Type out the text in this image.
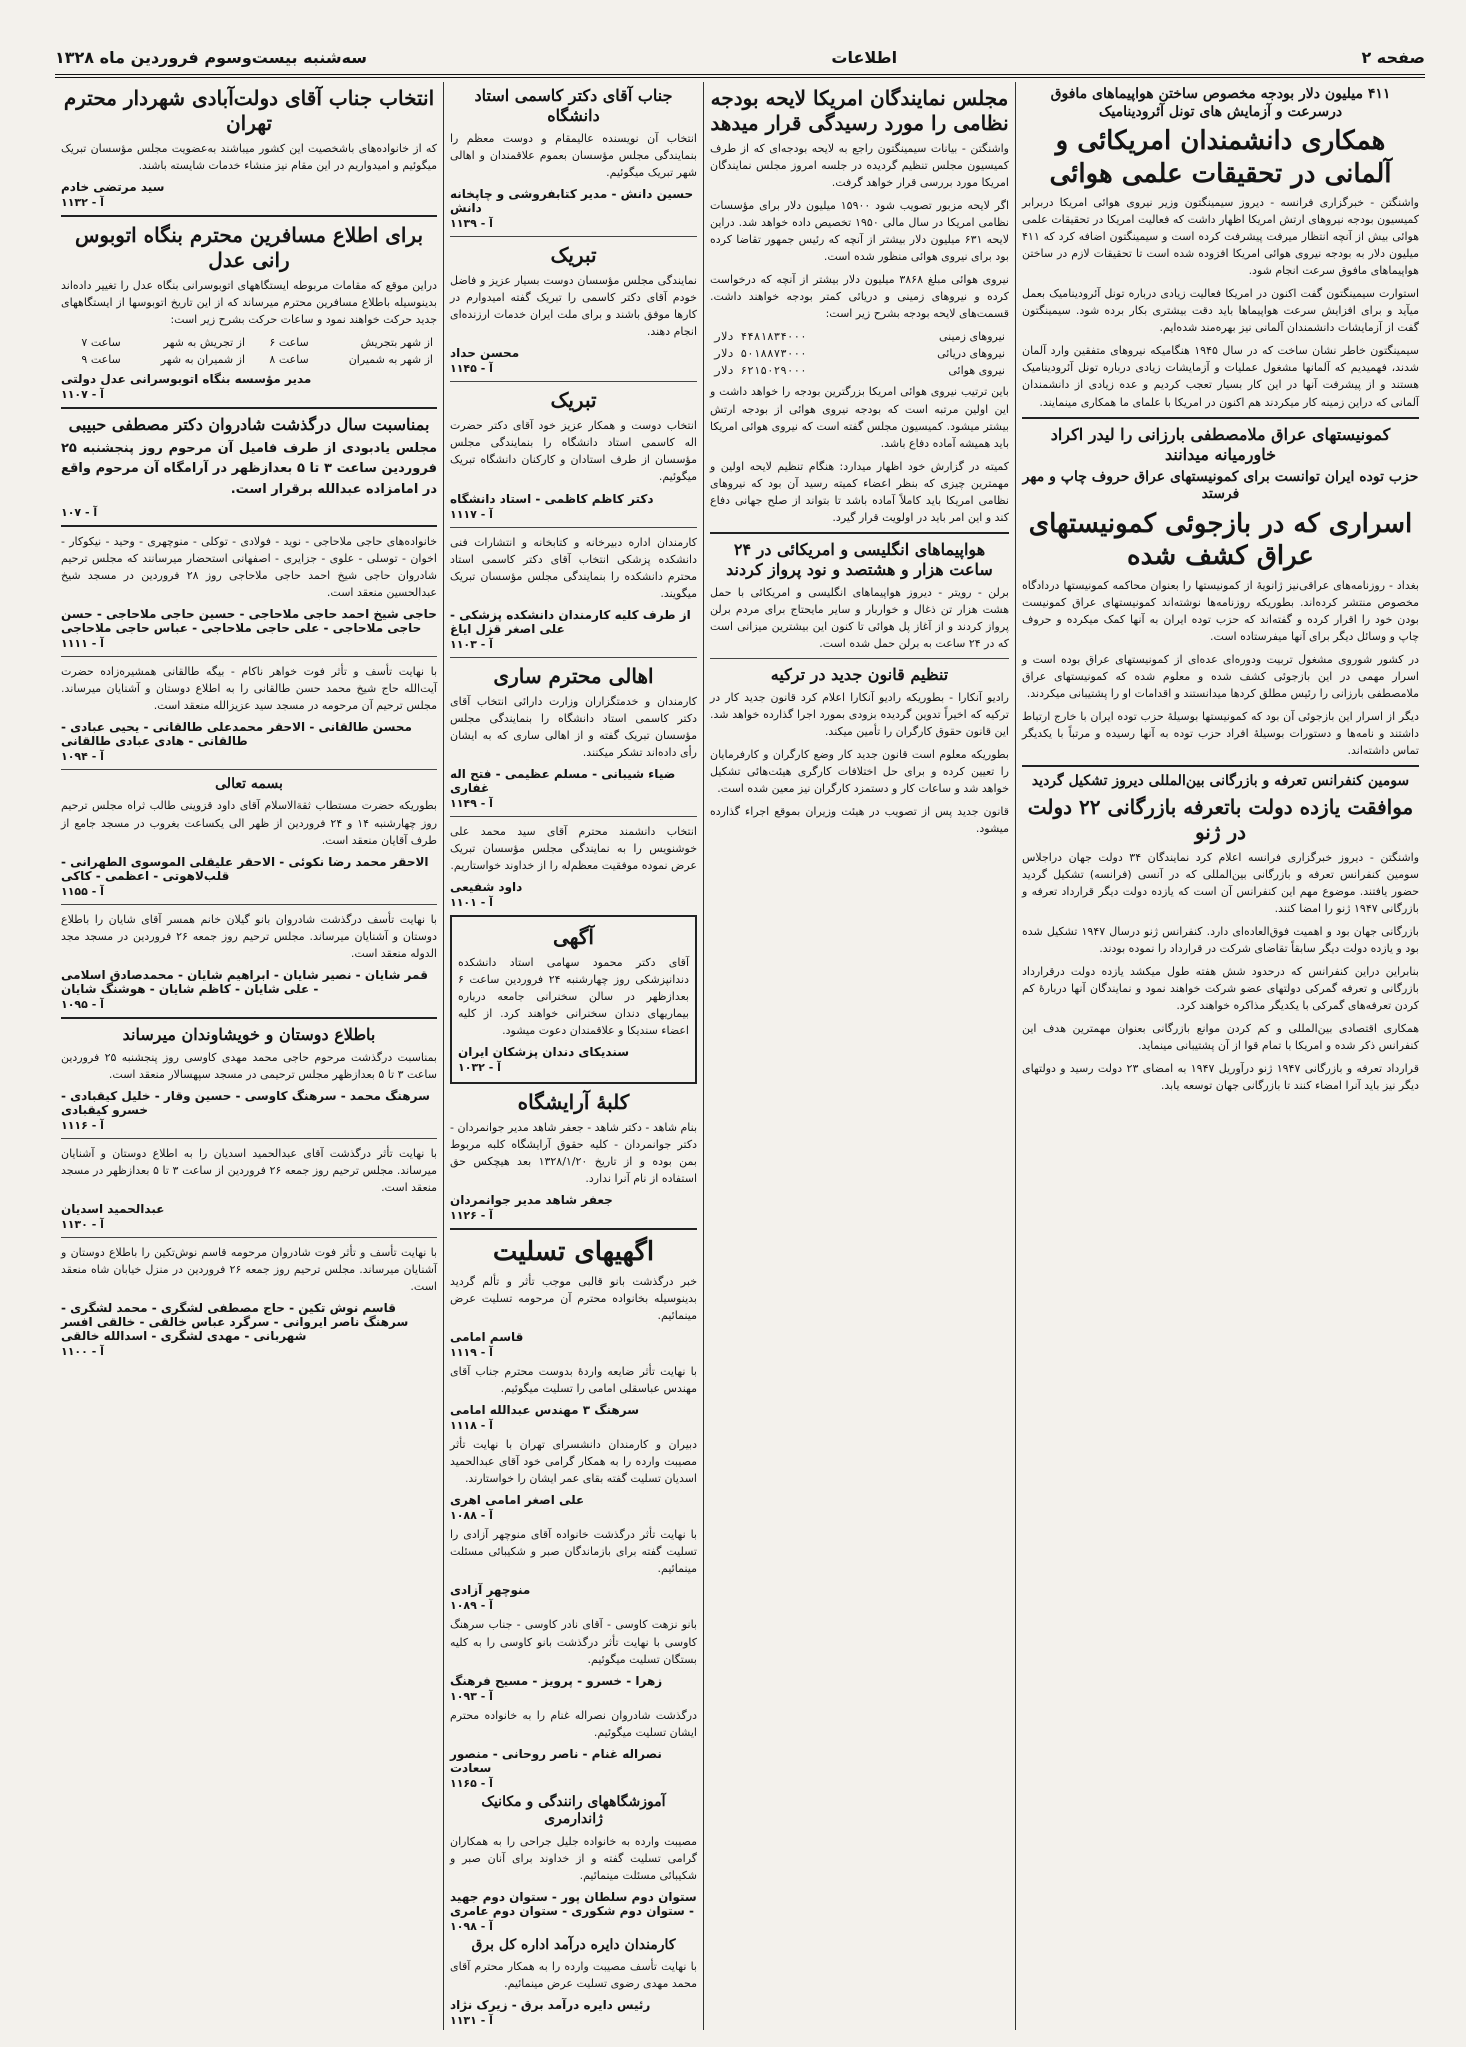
صفحه ۲
اطلاعات
سه‌شنبه بیست‌وسوم فروردین ماه ۱۳۲۸
۴۱۱ میلیون دلار بودجه مخصوص ساختن هواپیماهای مافوق درسرعت و آزمایش های تونل آئرودینامیک
همکاری دانشمندان امریکائی و آلمانی در تحقیقات علمی هوائی

واشنگتن - خبرگزاری فرانسه - دیروز سیمینگتون وزیر نیروی هوائی امریکا دربرابر کمیسیون بودجه نیروهای ارتش امریکا اظهار داشت که فعالیت امریکا در تحقیقات علمی هوائی بیش از آنچه انتظار میرفت پیشرفت کرده است و سیمینگتون اضافه کرد که ۴۱۱ میلیون دلار به بودجه نیروی هوائی امریکا افزوده شده است تا تحقیقات لازم در ساختن هواپیماهای مافوق سرعت انجام شود.

استوارت سیمینگتون گفت اکنون در امریکا فعالیت زیادی درباره تونل آئرودینامیک بعمل میآید و برای افزایش سرعت هواپیماها باید دقت بیشتری بکار برده شود. سیمینگتون گفت از آزمایشات دانشمندان آلمانی نیز بهره‌مند شده‌ایم.

سیمینگتون خاطر نشان ساخت که در سال ۱۹۴۵ هنگامیکه نیروهای متفقین وارد آلمان شدند، فهمیدیم که آلمانها مشغول عملیات و آزمایشات زیادی درباره تونل آئرودینامیک هستند و از پیشرفت آنها در این کار بسیار تعجب کردیم و عده زیادی از دانشمندان آلمانی که دراین زمینه کار میکردند هم اکنون در امریکا با علمای ما همکاری مینمایند.

کمونیستهای عراق ملامصطفی بارزانی را لیدر اکراد خاورمیانه میدانند
حزب توده ایران توانست برای کمونیستهای عراق حروف چاپ و مهر فرستد
اسراری که در بازجوئی کمونیستهای عراق کشف شده

بغداد - روزنامه‌های عراقی‌نیز ژانویۀ از کمونیستها را بعنوان محاکمه کمونیستها دردادگاه مخصوص منتشر کرده‌اند. بطوریکه روزنامه‌ها نوشته‌اند کمونیستهای عراق کمونیست بودن خود را اقرار کرده و گفته‌اند که حزب توده ایران به آنها کمک میکرده و حروف چاپ و وسائل دیگر برای آنها میفرستاده است.

در کشور شوروی مشغول تربیت ودوره‌ای عده‌ای از کمونیستهای عراق بوده است و اسرار مهمی در این بازجوئی کشف شده و معلوم شده که کمونیستهای عراق ملامصطفی بارزانی را رئیس مطلق کردها میدانستند و اقدامات او را پشتیبانی میکردند.

دیگر از اسرار این بازجوئی آن بود که کمونیستها بوسیلۀ حزب توده ایران با خارج ارتباط داشتند و نامه‌ها و دستورات بوسیلۀ افراد حزب توده به آنها رسیده و مرتباً با یکدیگر تماس داشته‌اند.

سومین کنفرانس تعرفه و بازرگانی بین‌المللی دیروز تشکیل گردید
موافقت یازده دولت باتعرفه بازرگانی ۲۲ دولت در ژنو

واشنگتن - دیروز خبرگزاری فرانسه اعلام کرد نمایندگان ۳۴ دولت جهان دراجلاس سومین کنفرانس تعرفه و بازرگانی بین‌المللی که در آنسی (فرانسه) تشکیل گردید حضور یافتند. موضوع مهم این کنفرانس آن است که یازده دولت دیگر قرارداد تعرفه و بازرگانی ۱۹۴۷ ژنو را امضا کنند.

بازرگانی جهان بود و اهمیت فوق‌العاده‌ای دارد. کنفرانس ژنو درسال ۱۹۴۷ تشکیل شده بود و یازده دولت دیگر سابقاً تقاضای شرکت در قرارداد را نموده بودند.

بنابراین دراین کنفرانس که درحدود شش هفته طول میکشد یازده دولت درقرارداد بازرگانی و تعرفه گمرکی دولتهای عضو شرکت خواهند نمود و نمایندگان آنها دربارۀ کم کردن تعرفه‌های گمرکی با یکدیگر مذاکره خواهند کرد.

همکاری اقتصادی بین‌المللی و کم کردن موانع بازرگانی بعنوان مهمترین هدف این کنفرانس ذکر شده و امریکا با تمام قوا از آن پشتیبانی مینماید.

قرارداد تعرفه و بازرگانی ۱۹۴۷ ژنو درآوریل ۱۹۴۷ به امضای ۲۳ دولت رسید و دولتهای دیگر نیز باید آنرا امضاء کنند تا بازرگانی جهان توسعه یابد.

مجلس نمایندگان امریکا لایحه بودجه نظامی را مورد رسیدگی قرار میدهد

واشنگتن - بیانات سیمینگتون راجع به لایحه بودجه‌ای که از طرف کمیسیون مجلس تنظیم گردیده در جلسه امروز مجلس نمایندگان امریکا مورد بررسی قرار خواهد گرفت.

اگر لایحه مزبور تصویب شود ۱۵۹۰۰ میلیون دلار برای مؤسسات نظامی امریکا در سال مالی ۱۹۵۰ تخصیص داده خواهد شد. دراین لایحه ۶۳۱ میلیون دلار بیشتر از آنچه که رئیس جمهور تقاضا کرده بود برای نیروی هوائی منظور شده است.

نیروی هوائی مبلغ ۳۸۶۸ میلیون دلار بیشتر از آنچه که درخواست کرده و نیروهای زمینی و دریائی کمتر بودجه خواهند داشت. قسمت‌های لایحه بودجه بشرح زیر است:

نیروهای زمینی	۴۴۸۱۸۳۴۰۰۰ دلار
نیروهای دریائی	۵۰۱۸۸۷۳۰۰۰ دلار
نیروی هوائی	۶۲۱۵۰۲۹۰۰۰ دلار

باین ترتیب نیروی هوائی امریکا بزرگترین بودجه را خواهد داشت و این اولین مرتبه است که بودجه نیروی هوائی از بودجه ارتش بیشتر میشود. کمیسیون مجلس گفته است که نیروی هوائی امریکا باید همیشه آماده دفاع باشد.

کمیته در گزارش خود اظهار میدارد: هنگام تنظیم لایحه اولین و مهمترین چیزی که بنظر اعضاء کمیته رسید آن بود که نیروهای نظامی امریکا باید کاملاً آماده باشد تا بتواند از صلح جهانی دفاع کند و این امر باید در اولویت قرار گیرد.

هواپیماهای انگلیسی و امریکائی در ۲۴ ساعت هزار و هشتصد و نود پرواز کردند

برلن - رویتر - دیروز هواپیماهای انگلیسی و امریکائی با حمل هشت هزار تن ذغال و خواربار و سایر مایحتاج برای مردم برلن پرواز کردند و از آغاز پل هوائی تا کنون این بیشترین میزانی است که در ۲۴ ساعت به برلن حمل شده است.

تنظیم قانون جدید در ترکیه

رادیو آنکارا - بطوریکه رادیو آنکارا اعلام کرد قانون جدید کار در ترکیه که اخیراً تدوین گردیده بزودی بمورد اجرا گذارده خواهد شد. این قانون حقوق کارگران را تأمین میکند.

بطوریکه معلوم است قانون جدید کار وضع کارگران و کارفرمایان را تعیین کرده و برای حل اختلافات کارگری هیئت‌هائی تشکیل خواهد شد و ساعات کار و دستمزد کارگران نیز معین شده است.

قانون جدید پس از تصویب در هیئت وزیران بموقع اجراء گذارده میشود.

جناب آقای دکتر کاسمی استاد دانشگاه

انتخاب آن نویسنده عالیمقام و دوست معظم را بنمایندگی مجلس مؤسسان بعموم علاقمندان و اهالی شهر تبریک میگوئیم.

حسین دانش - مدیر کتابفروشی و چاپخانه دانش
آ - ۱۱۳۹
تبریک

نمایندگی مجلس مؤسسان دوست بسیار عزیز و فاضل خودم آقای دکتر کاسمی را تبریک گفته امیدوارم در کارها موفق باشند و برای ملت ایران خدمات ارزنده‌ای انجام دهند.

محسن حداد
آ - ۱۱۴۵
تبریک

انتخاب دوست و همکار عزیز خود آقای دکتر حضرت اله کاسمی استاد دانشگاه را بنمایندگی مجلس مؤسسان از طرف استادان و کارکنان دانشگاه تبریک میگوئیم.

دکتر کاظم کاظمی - استاد دانشگاه
آ - ۱۱۱۷

کارمندان اداره دبیرخانه و کتابخانه و انتشارات فنی دانشکده پزشکی انتخاب آقای دکتر کاسمی استاد محترم دانشکده را بنمایندگی مجلس مؤسسان تبریک میگویند.

از طرف کلیه کارمندان دانشکده پزشکی - علی اصغر قزل ایاغ
آ - ۱۱۰۳
اهالی محترم ساری

کارمندان و خدمتگزاران وزارت دارائی انتخاب آقای دکتر کاسمی استاد دانشگاه را بنمایندگی مجلس مؤسسان تبریک گفته و از اهالی ساری که به ایشان رأی داده‌اند تشکر میکنند.

ضیاء شیبانی - مسلم عظیمی - فتح اله غفاری
آ - ۱۱۴۹

انتخاب دانشمند محترم آقای سید محمد علی خوشنویس را به نمایندگی مجلس مؤسسان تبریک عرض نموده موفقیت معظم‌له را از خداوند خواستاریم.

داود شفیعی
آ - ۱۱۰۱
آگهی

آقای دکتر محمود سهامی استاد دانشکده دندانپزشکی روز چهارشنبه ۲۴ فروردین ساعت ۶ بعدازظهر در سالن سخنرانی جامعه درباره بیماریهای دندان سخنرانی خواهند کرد. از کلیه اعضاء سندیکا و علاقمندان دعوت میشود.

سندیکای دندان پزشکان ایران
آ - ۱۰۳۲
کلبۀ آرایشگاه

بنام شاهد - دکتر شاهد - جعفر شاهد مدیر جوانمردان - دکتر جوانمردان - کلیه حقوق آرایشگاه کلبه مربوط بمن بوده و از تاریخ ۱۳۲۸/۱/۲۰ بعد هیچکس حق استفاده از نام آنرا ندارد.

جعفر شاهد مدیر جوانمردان
آ - ۱۱۲۶
اگهیهای تسلیت

خبر درگذشت بانو قالبی موجب تأثر و تألم گردید بدینوسیله بخانواده محترم آن مرحومه تسلیت عرض مینمائیم.

قاسم امامی
آ - ۱۱۱۹

با نهایت تأثر ضایعه واردۀ بدوست محترم جناب آقای مهندس عباسقلی امامی را تسلیت میگوئیم.

سرهنگ ۳ مهندس عبدالله امامی
آ - ۱۱۱۸

دبیران و کارمندان دانشسرای تهران با نهایت تأثر مصیبت وارده را به همکار گرامی خود آقای عبدالحمید اسدیان تسلیت گفته بقای عمر ایشان را خواستارند.

علی اصغر امامی اهری
آ - ۱۰۸۸

با نهایت تأثر درگذشت خانواده آقای منوچهر آزادی را تسلیت گفته برای بازماندگان صبر و شکیبائی مسئلت مینمائیم.

منوچهر آزادی
آ - ۱۰۸۹

بانو نزهت کاوسی - آقای نادر کاوسی - جناب سرهنگ کاوسی با نهایت تأثر درگذشت بانو کاوسی را به کلیه بستگان تسلیت میگوئیم.

زهرا - خسرو - پرویز - مسیح فرهنگ
آ - ۱۰۹۳

درگذشت شادروان نصراله غنام را به خانواده محترم ایشان تسلیت میگوئیم.

نصراله غنام - ناصر روحانی - منصور سعادت
آ - ۱۱۶۵
آموزشگاههای رانندگی و مکانیک ژاندارمری

مصیبت وارده به خانواده جلیل جراحی را به همکاران گرامی تسلیت گفته و از خداوند برای آنان صبر و شکیبائی مسئلت مینمائیم.

ستوان دوم سلطان پور - ستوان دوم جهید - ستوان دوم شکوری - ستوان دوم عامری
آ - ۱۰۹۸
کارمندان دایره درآمد اداره کل برق

با نهایت تأسف مصیبت وارده را به همکار محترم آقای محمد مهدی رضوی تسلیت عرض مینمائیم.

رئیس دایره درآمد برق - زیرک نژاد
آ - ۱۱۳۱
انتخاب جناب آقای دولت‌آبادی شهردار محترم تهران

که از خانواده‌های باشخصیت این کشور میباشند به‌عضویت مجلس مؤسسان تبریک میگوئیم و امیدواریم در این مقام نیز منشاء خدمات شایسته باشند.

سید مرتضی خادم
آ - ۱۱۳۲
برای اطلاع مسافرین محترم بنگاه اتوبوس رانی عدل

دراین موقع که مقامات مربوطه ایستگاههای اتوبوسرانی بنگاه عدل را تغییر داده‌اند بدینوسیله باطلاع مسافرین محترم میرساند که از این تاریخ اتوبوسها از ایستگاههای جدید حرکت خواهند نمود و ساعات حرکت بشرح زیر است:

از شهر بتجریش	ساعت ۶	از تجریش به شهر	ساعت ۷
از شهر به شمیران	ساعت ۸	از شمیران به شهر	ساعت ۹
مدیر مؤسسه بنگاه اتوبوسرانی عدل دولتی
آ - ۱۱۰۷
بمناسبت سال درگذشت شادروان دکتر مصطفی حبیبی

مجلس یادبودی از طرف فامیل آن مرحوم روز پنجشنبه ۲۵ فروردین ساعت ۳ تا ۵ بعدازظهر در آرامگاه آن مرحوم واقع در امامزاده عبدالله برقرار است.

آ - ۱۰۷

خانواده‌های حاجی ملاحاجی - نوید - فولادی - توکلی - منوچهری - وحید - نیکوکار - اخوان - توسلی - علوی - جزایری - اصفهانی استحضار میرسانند که مجلس ترحیم شادروان حاجی شیخ احمد حاجی ملاحاجی روز ۲۸ فروردین در مسجد شیخ عبدالحسین منعقد است.

حاجی شیخ احمد حاجی ملاحاجی - حسین حاجی ملاحاجی - حسن حاجی ملاحاجی - علی حاجی ملاحاجی - عباس حاجی ملاحاجی
آ - ۱۱۱۱

با نهایت تأسف و تأثر فوت خواهر ناکام - بیگه طالقانی همشیره‌زاده حضرت آیت‌الله حاج شیخ محمد حسن طالقانی را به اطلاع دوستان و آشنایان میرساند. مجلس ترحیم آن مرحومه در مسجد سید عزیزالله منعقد است.

محسن طالقانی - الاحقر محمدعلی طالقانی - یحیی عبادی - طالقانی - هادی عبادی طالقانی
آ - ۱۰۹۴
بسمه تعالی

بطوریکه حضرت مستطاب ثقة‌الاسلام آقای داود قزوینی طالب ثراه مجلس ترحیم روز چهارشنبه ۱۴ و ۲۴ فروردین از ظهر الی یکساعت بغروب در مسجد جامع از طرف آقایان منعقد است.

الاحقر محمد رضا نکوئی - الاحقر علیقلی الموسوی الطهرانی - قلب‌لاهوتی - اعظمی - کاکی
آ - ۱۱۵۵

با نهایت تأسف درگذشت شادروان بانو گیلان خانم همسر آقای شایان را باطلاع دوستان و آشنایان میرساند. مجلس ترحیم روز جمعه ۲۶ فروردین در مسجد مجد الدوله منعقد است.

قمر شایان - نصیر شایان - ابراهیم شایان - محمدصادق اسلامی - علی شایان - کاظم شایان - هوشنگ شایان
آ - ۱۰۹۵
باطلاع دوستان و خویشاوندان میرساند

بمناسبت درگذشت مرحوم حاجی محمد مهدی کاوسی روز پنجشنبه ۲۵ فروردین ساعت ۳ تا ۵ بعدازظهر مجلس ترحیمی در مسجد سپهسالار منعقد است.

سرهنگ محمد - سرهنگ کاوسی - حسین وقار - خلیل کیقبادی - خسرو کیقبادی
آ - ۱۱۱۶

با نهایت تأثر درگذشت آقای عبدالحمید اسدیان را به اطلاع دوستان و آشنایان میرساند. مجلس ترحیم روز جمعه ۲۶ فروردین از ساعت ۳ تا ۵ بعدازظهر در مسجد منعقد است.

عبدالحمید اسدیان
آ - ۱۱۳۰

با نهایت تأسف و تأثر فوت شادروان مرحومه قاسم نوش‌تکین را باطلاع دوستان و آشنایان میرساند. مجلس ترحیم روز جمعه ۲۶ فروردین در منزل خیابان شاه منعقد است.

قاسم نوش تکین - حاج مصطفی لشگری - محمد لشگری - سرهنگ ناصر ایروانی - سرگرد عباس خالقی - خالقی افسر شهربانی - مهدی لشگری - اسدالله خالقی
آ - ۱۱۰۰
